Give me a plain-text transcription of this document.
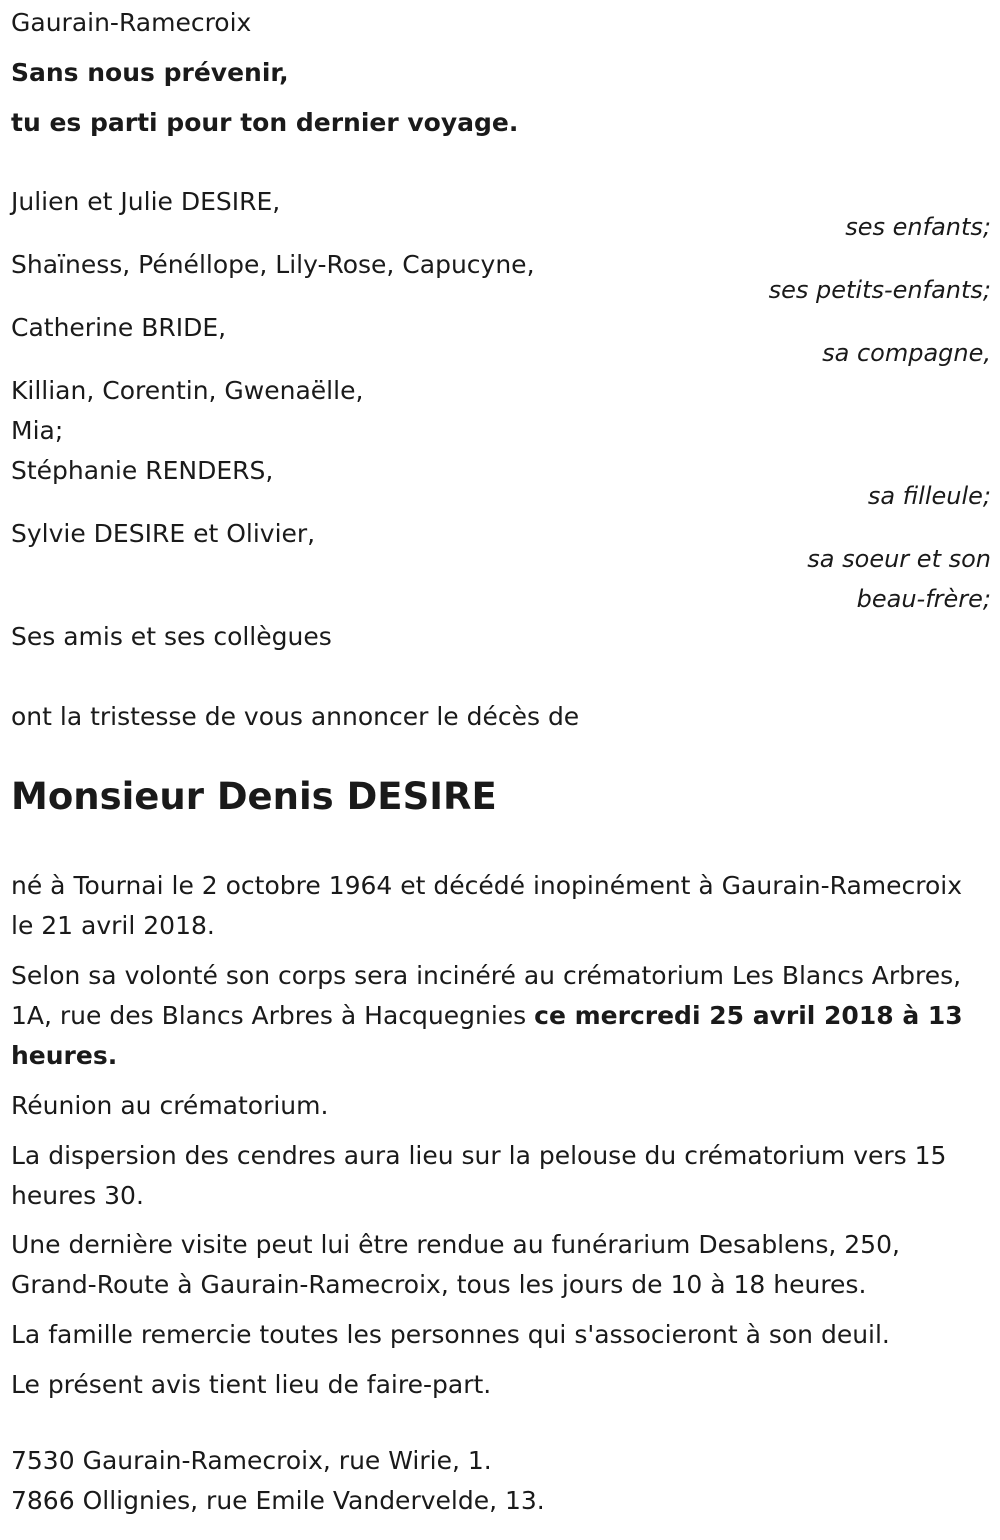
Gaurain-Ramecroix
Sans nous prévenir,
tu es parti pour ton dernier voyage.
Julien et Julie DESIRE,
ses enfants;
Shaïness, Pénéllope, Lily-Rose, Capucyne,
ses petits-enfants;
Catherine BRIDE,
sa compagne,
Killian, Corentin, Gwenaëlle,
Mia;
Stéphanie RENDERS,
sa filleule;
Sylvie DESIRE et Olivier,
sa soeur et son
beau-frère;
Ses amis et ses collègues
ont la tristesse de vous annoncer le décès de
Monsieur Denis DESIRE
né à Tournai le 2 octobre 1964 et décédé inopinément à Gaurain-Ramecroix le 21 avril 2018.
Selon sa volonté son corps sera incinéré au crématorium Les Blancs Arbres, 1A, rue des Blancs Arbres à Hacquegnies ce mercredi 25 avril 2018 à 13 heures.
Réunion au crématorium.
La dispersion des cendres aura lieu sur la pelouse du crématorium vers 15 heures 30.
Une dernière visite peut lui être rendue au funérarium Desablens, 250, Grand-Route à Gaurain-Ramecroix, tous les jours de 10 à 18 heures.
La famille remercie toutes les personnes qui s'associeront à son deuil.
Le présent avis tient lieu de faire-part.
7530 Gaurain-Ramecroix, rue Wirie, 1.
7866 Ollignies, rue Emile Vandervelde, 13.
